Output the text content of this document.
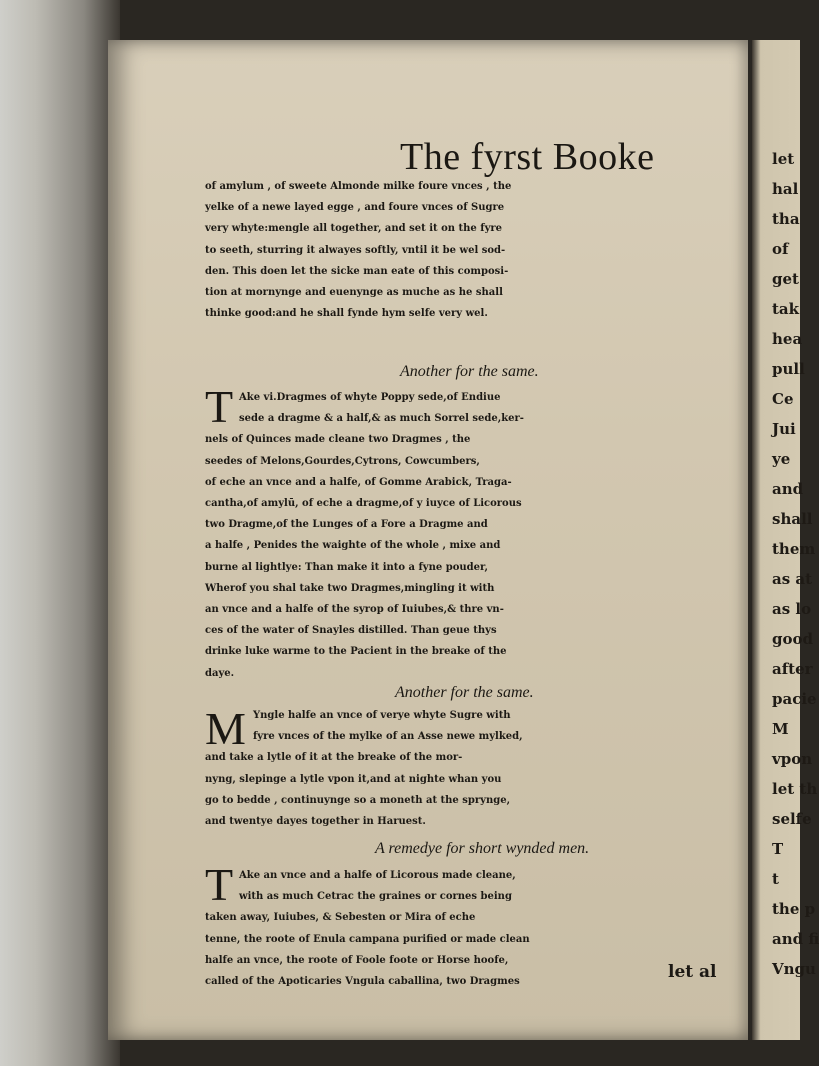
let
hal
tha
of
get
tak
hea
pull
Ce
Jui
ye
and
shall
them
as at
as lo
good
after
pacie
M
vpon
let th
selfe
T
t
the p
and fi
Vngu
The fyrst Booke
Another for the same.
T
Another for the same.
M
A remedye for short wynded men.
T
let al
of amylum , of sweete Almonde milke foure vnces , the
yelke of a newe layed egge , and foure vnces of Sugre
very whyte:mengle all together, and set it on the fyre
to seeth, sturring it alwayes softly, vntil it be wel sod-
den. This doen let the sicke man eate of this composi-
tion at mornynge and euenynge as muche as he shall
thinke good:and he shall fynde hym selfe very wel.
Ake vi.Dragmes of whyte Poppy sede,of Endiue
sede a dragme & a half,& as much Sorrel sede,ker-
nels of Quinces made cleane two Dragmes , the
seedes of Melons,Gourdes,Cytrons, Cowcumbers,
of eche an vnce and a halfe, of Gomme Arabick, Tragа-
cantha,of amylū, of eche a dragme,of y iuyce of Licorous
two Dragme,of the Lunges of a Fore a Dragme and
a halfe , Penides the waighte of the whole , mixe and
burne al lightlye: Than make it into a fyne pouder,
Wherof you shal take two Dragmes,mingling it with
an vnce and a halfe of the syrop of Iuiubes,& thre vn-
ces of the water of Snayles distilled. Than geue thys
drinke luke warme to the Pacient in the breake of the
daye.
Yngle halfe an vnce of verye whyte Sugre with
fyre vnces of the mylke of an Asse newe mylked,
and take a lytle of it at the breake of the mor-
nyng, slepinge a lytle vpon it,and at nighte whan you
go to bedde , continuynge so a moneth at the sprynge,
and twentye dayes together in Haruest.
Ake an vnce and a halfe of Licorous made cleane,
with as much Cetrac the graines or cornes being
taken away, Iuiubes, & Sebesten or Mira of eche
tenne, the roote of Enula campana purified or made clean
halfe an vnce, the roote of Foole foote or Horse hoofe,
called of the Apoticaries Vngula caballina, two Dragmes
